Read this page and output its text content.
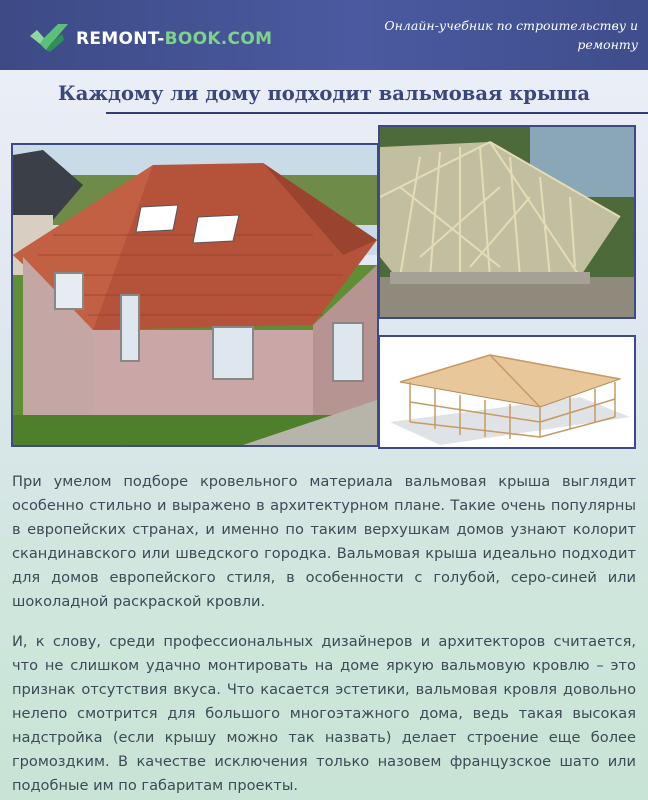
REMONT-BOOK.COM
Онлайн-учебник по строительству и ремонту
Каждому ли дому подходит вальмовая крыша

При умелом подборе кровельного материала вальмовая крыша выглядит особенно стильно и выражено в архитектурном плане. Такие очень популярны в европейских странах, и именно по таким верхушкам домов узнают колорит скандинавского или шведского городка. Вальмовая крыша идеально подходит для домов европейского стиля, в особенности с голубой, серо-синей или шоколадной раскраской кровли.

И, к слову, среди профессиональных дизайнеров и архитекторов считается, что не слишком удачно монтировать на доме яркую вальмовую кровлю – это признак отсутствия вкуса. Что касается эстетики, вальмовая кровля довольно нелепо смотрится для большого многоэтажного дома, ведь такая высокая надстройка (если крышу можно так назвать) делает строение еще более громоздким. В качестве исключения только назовем французское шато или подобные им по габаритам проекты.
